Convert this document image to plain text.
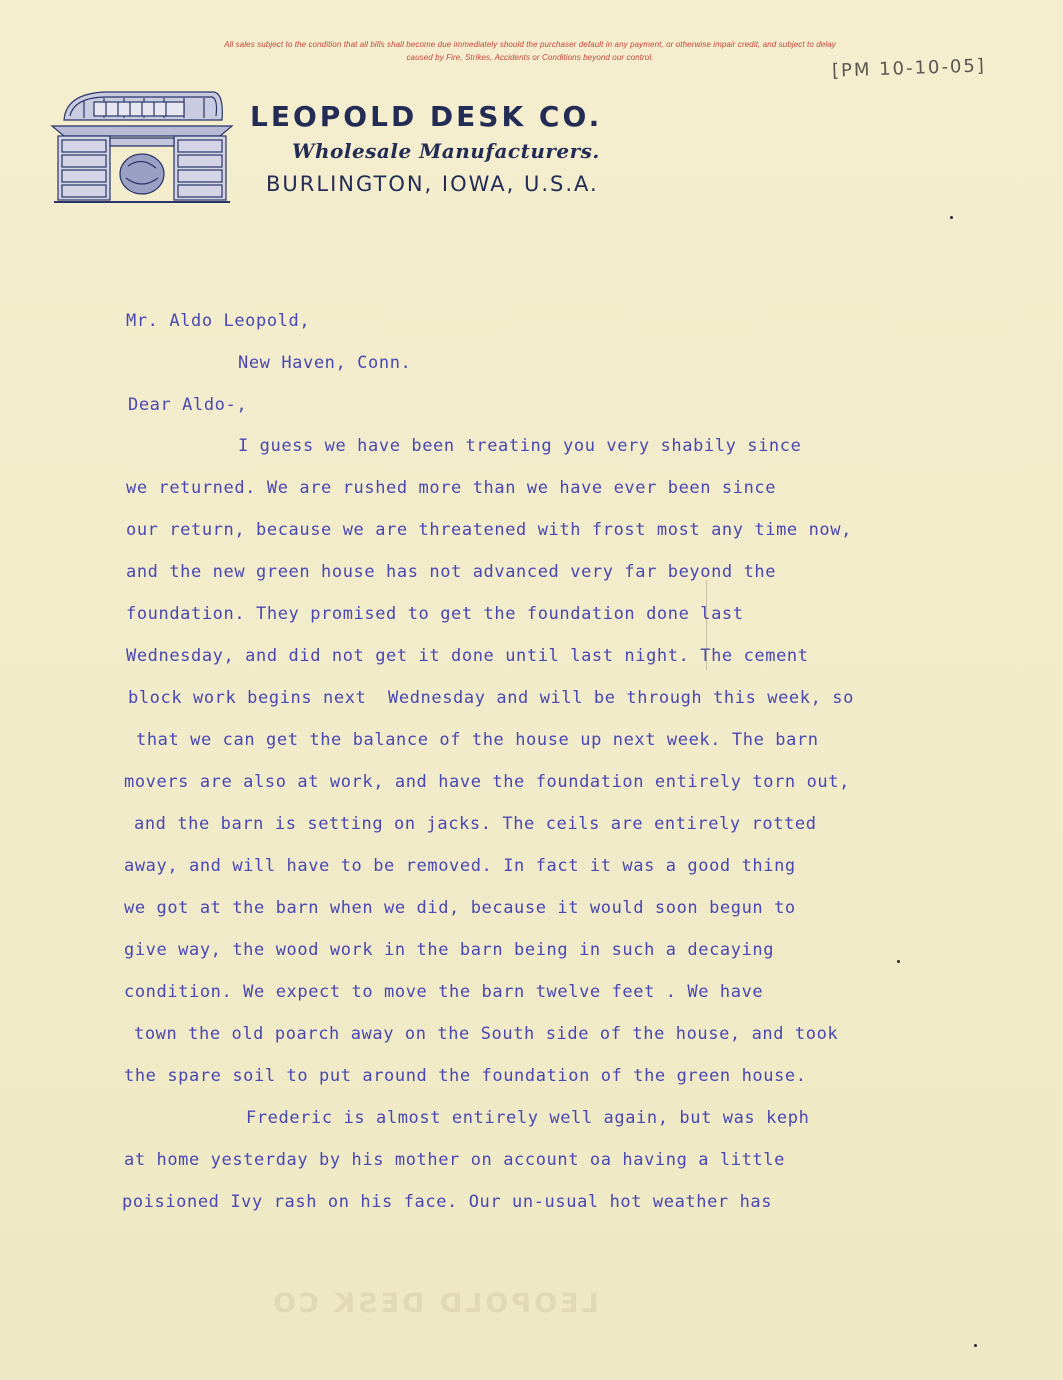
All sales subject to the condition that all bills shall become due immediately should the purchaser default in any payment, or otherwise impair credit, and subject to delay
caused by Fire, Strikes, Accidents or Conditions beyond our control.	[PM 10-10-05]
LEOPOLD DESK CO.
Wholesale Manufacturers.
BURLINGTON, IOWA, U.S.A.
Mr. Aldo Leopold,
New Haven, Conn.
Dear Aldo-,
I guess we have been treating you very shabily since
we returned. We are rushed more than we have ever been since
our return, because we are threatened with frost most any time now,
and the new green house has not advanced very far beyond the
foundation. They promised to get the foundation done last
Wednesday, and did not get it done until last night. The cement
block work begins next  Wednesday and will be through this week, so
that we can get the balance of the house up next week. The barn
movers are also at work, and have the foundation entirely torn out,
and the barn is setting on jacks. The ceils are entirely rotted
away, and will have to be removed. In fact it was a good thing
we got at the barn when we did, because it would soon begun to
give way, the wood work in the barn being in such a decaying
condition. We expect to move the barn twelve feet . We have
town the old poarch away on the South side of the house, and took
the spare soil to put around the foundation of the green house.
Frederic is almost entirely well again, but was keph
at home yesterday by his mother on account oa having a little
poisioned Ivy rash on his face. Our un-usual hot weather has
LEOPOLD DESK CO
